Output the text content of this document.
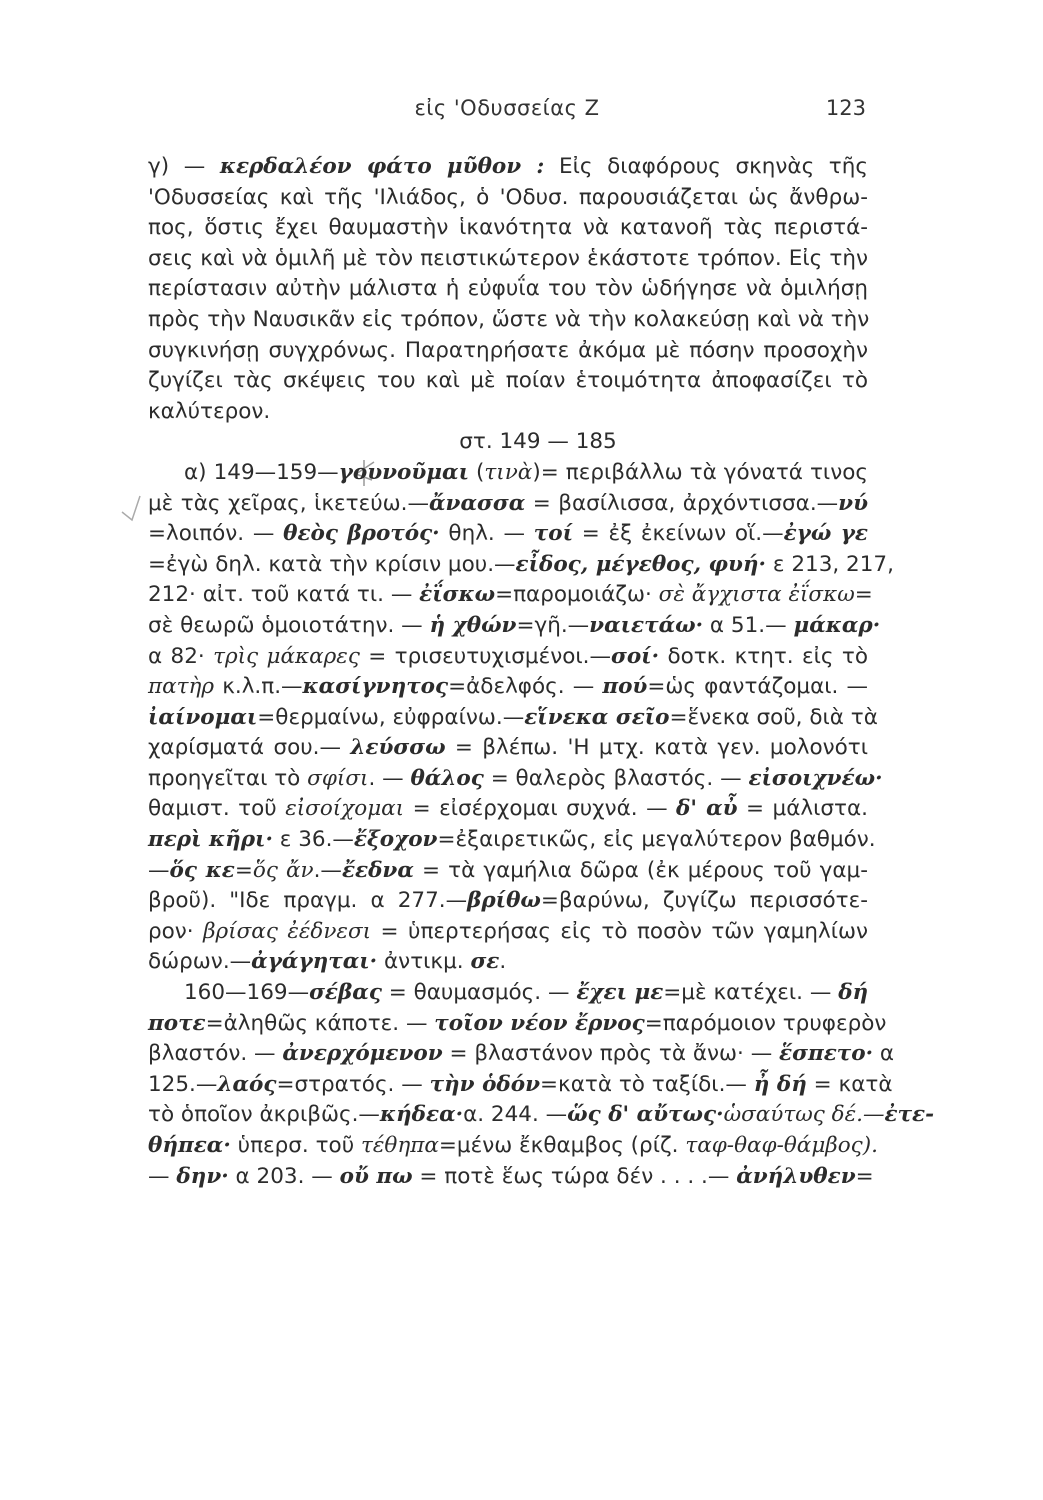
εἰς 'Οδυσσείας Ζ	123
γ) — κερδαλέον φάτο μῦθον : Εἰς διαφόρους σκηνὰς τῆς
'Οδυσσείας καὶ τῆς 'Ιλιάδος, ὁ 'Οδυσ. παρουσιάζεται ὡς ἄνθρω-
πος, ὅστις ἔχει θαυμαστὴν ἱκανότητα νὰ κατανοῆ τὰς περιστά-
σεις καὶ νὰ ὁμιλῆ μὲ τὸν πειστικώτερον ἑκάστοτε τρόπον. Εἰς τὴν
περίστασιν αὐτὴν μάλιστα ἡ εὐφυΐα του τὸν ὡδήγησε νὰ ὁμιλήσῃ
πρὸς τὴν Ναυσικᾶν εἰς τρόπον, ὥστε νὰ τὴν κολακεύσῃ καὶ νὰ τὴν
συγκινήσῃ συγχρόνως. Παρατηρήσατε ἀκόμα μὲ πόσην προσοχὴν
ζυγίζει τὰς σκέψεις του καὶ μὲ ποίαν ἑτοιμότητα ἀποφασίζει τὸ
καλύτερον.
στ. 149 — 185
α) 149—159—γουνοῦμαι (τινὰ)= περιβάλλω τὰ γόνατά τινος
μὲ τὰς χεῖρας, ἱκετεύω.—ἄνασσα = βασίλισσα, ἀρχόντισσα.—νύ
=λοιπόν. — θεὸς βροτός· θηλ. — τοί = ἐξ ἐκείνων οἵ.—ἐγώ γε
=ἐγὼ δηλ. κατὰ τὴν κρίσιν μου.—εἶδος, μέγεθος, φυή· ε 213, 217,
212· αἰτ. τοῦ κατά τι. — ἐΐσκω=παρομοιάζω· σὲ ἄγχιστα ἐΐσκω=
σὲ θεωρῶ ὁμοιοτάτην. — ἡ χθών=γῆ.—ναιετάω· α 51.— μάκαρ·
α 82· τρὶς μάκαρες = τρισευτυχισμένοι.—σοί· δοτκ. κτητ. εἰς τὸ
πατὴρ κ.λ.π.—κασίγνητος=ἀδελφός. — πού=ὡς φαντάζομαι. —
ἰαίνομαι=θερμαίνω, εὐφραίνω.—εἵνεκα σεῖο=ἕνεκα σοῦ, διὰ τὰ
χαρίσματά σου.— λεύσσω = βλέπω. 'Η μτχ. κατὰ γεν. μολονότι
προηγεῖται τὸ σφίσι. — θάλος = θαλερὸς βλαστός. — εἰσοιχνέω·
θαμιστ. τοῦ εἰσοίχομαι = εἰσέρχομαι συχνά. — δ' αὖ = μάλιστα.
περὶ κῆρι· ε 36.—ἔξοχον=ἐξαιρετικῶς, εἰς μεγαλύτερον βαθμόν.
—ὅς κε=ὅς ἄν.—ἔεδνα = τὰ γαμήλια δῶρα (ἐκ μέρους τοῦ γαμ-
βροῦ). "Ιδε πραγμ. α 277.—βρίθω=βαρύνω, ζυγίζω περισσότε-
ρον· βρίσας ἐέδνεσι = ὑπερτερήσας εἰς τὸ ποσὸν τῶν γαμηλίων
δώρων.—ἀγάγηται· ἀντικμ. σε.
160—169—σέβας = θαυμασμός. — ἔχει με=μὲ κατέχει. — δή
ποτε=ἀληθῶς κάποτε. — τοῖον νέον ἔρνος=παρόμοιον τρυφερὸν
βλαστόν. — ἀνερχόμενον = βλαστάνον πρὸς τὰ ἄνω· — ἕσπετο· α
125.—λαός=στρατός. — τὴν ὁδόν=κατὰ τὸ ταξίδι.— ἦ δή = κατὰ
τὸ ὁποῖον ἀκριβῶς.—κήδεα·α. 244. —ὥς δ' αὔτως·ὡσαύτως δέ.—ἐτε-
θήπεα· ὑπερσ. τοῦ τέθηπα=μένω ἔκθαμβος (ρίζ. ταφ-θαφ-θάμβος).
— δην· α 203. — οὔ πω = ποτὲ ἕως τώρα δέν . . . .— ἀνήλυθεν=
